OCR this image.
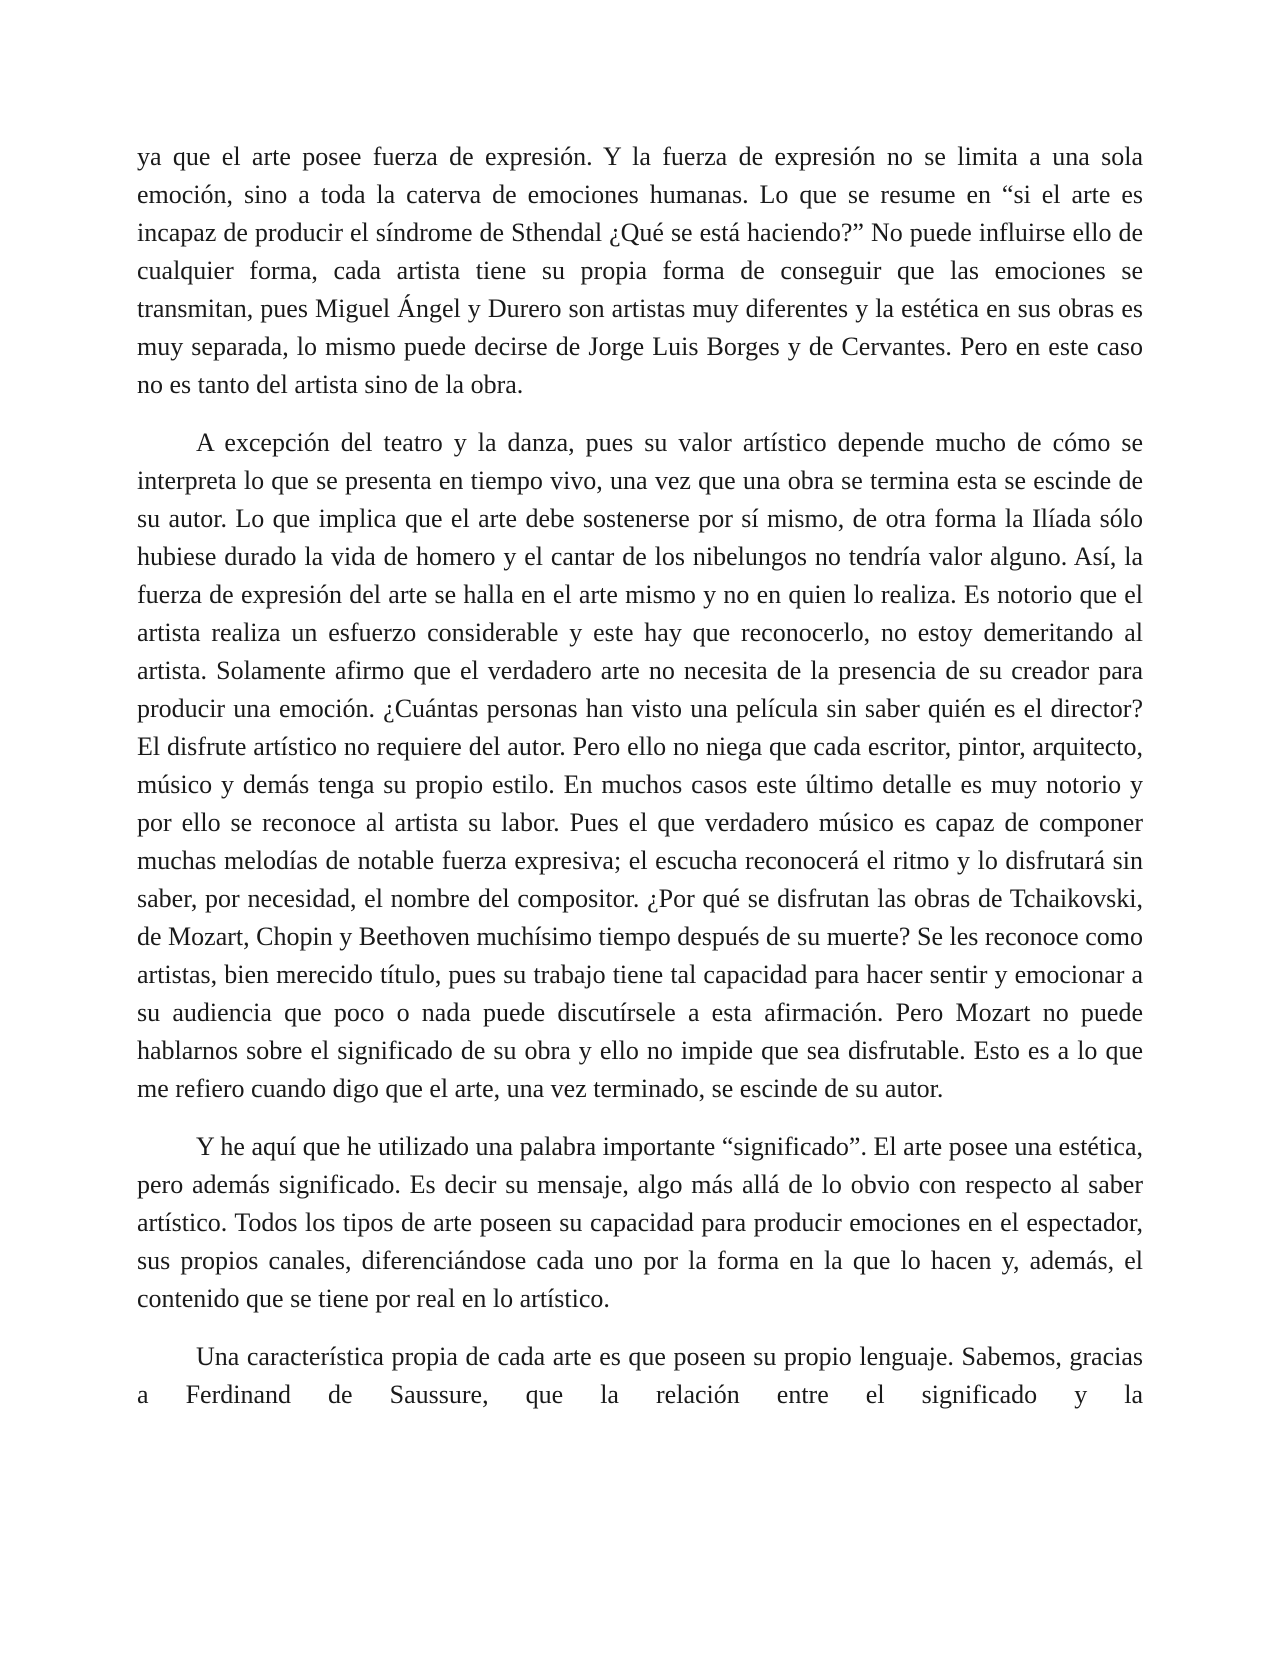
ya que el arte posee fuerza de expresión. Y la fuerza de expresión no se limita a una sola emoción, sino a toda la caterva de emociones humanas. Lo que se resume en “si el arte es incapaz de producir el síndrome de Sthendal ¿Qué se está haciendo?” No puede influirse ello de cualquier forma, cada artista tiene su propia forma de conseguir que las emociones se transmitan, pues Miguel Ángel y Durero son artistas muy diferentes y la estética en sus obras es muy separada, lo mismo puede decirse de Jorge Luis Borges y de Cervantes. Pero en este caso no es tanto del artista sino de la obra.

A excepción del teatro y la danza, pues su valor artístico depende mucho de cómo se interpreta lo que se presenta en tiempo vivo, una vez que una obra se termina esta se escinde de su autor. Lo que implica que el arte debe sostenerse por sí mismo, de otra forma la Ilíada sólo hubiese durado la vida de homero y el cantar de los nibelungos no tendría valor alguno. Así, la fuerza de expresión del arte se halla en el arte mismo y no en quien lo realiza. Es notorio que el artista realiza un esfuerzo considerable y este hay que reconocerlo, no estoy demeritando al artista. Solamente afirmo que el verdadero arte no necesita de la presencia de su creador para producir una emoción. ¿Cuántas personas han visto una película sin saber quién es el director? El disfrute artístico no requiere del autor. Pero ello no niega que cada escritor, pintor, arquitecto, músico y demás tenga su propio estilo. En muchos casos este último detalle es muy notorio y por ello se reconoce al artista su labor. Pues el que verdadero músico es capaz de componer muchas melodías de notable fuerza expresiva; el escucha reconocerá el ritmo y lo disfrutará sin saber, por necesidad, el nombre del compositor. ¿Por qué se disfrutan las obras de Tchaikovski, de Mozart, Chopin y Beethoven muchísimo tiempo después de su muerte? Se les reconoce como artistas, bien merecido título, pues su trabajo tiene tal capacidad para hacer sentir y emocionar a su audiencia que poco o nada puede discutírsele a esta afirmación. Pero Mozart no puede hablarnos sobre el significado de su obra y ello no impide que sea disfrutable. Esto es a lo que me refiero cuando digo que el arte, una vez terminado, se escinde de su autor.

Y he aquí que he utilizado una palabra importante “significado”. El arte posee una estética, pero además significado. Es decir su mensaje, algo más allá de lo obvio con respecto al saber artístico. Todos los tipos de arte poseen su capacidad para producir emociones en el espectador, sus propios canales, diferenciándose cada uno por la forma en la que lo hacen y, además, el contenido que se tiene por real en lo artístico.

Una característica propia de cada arte es que poseen su propio lenguaje. Sabemos, gracias a Ferdinand de Saussure, que la relación entre el significado y la
